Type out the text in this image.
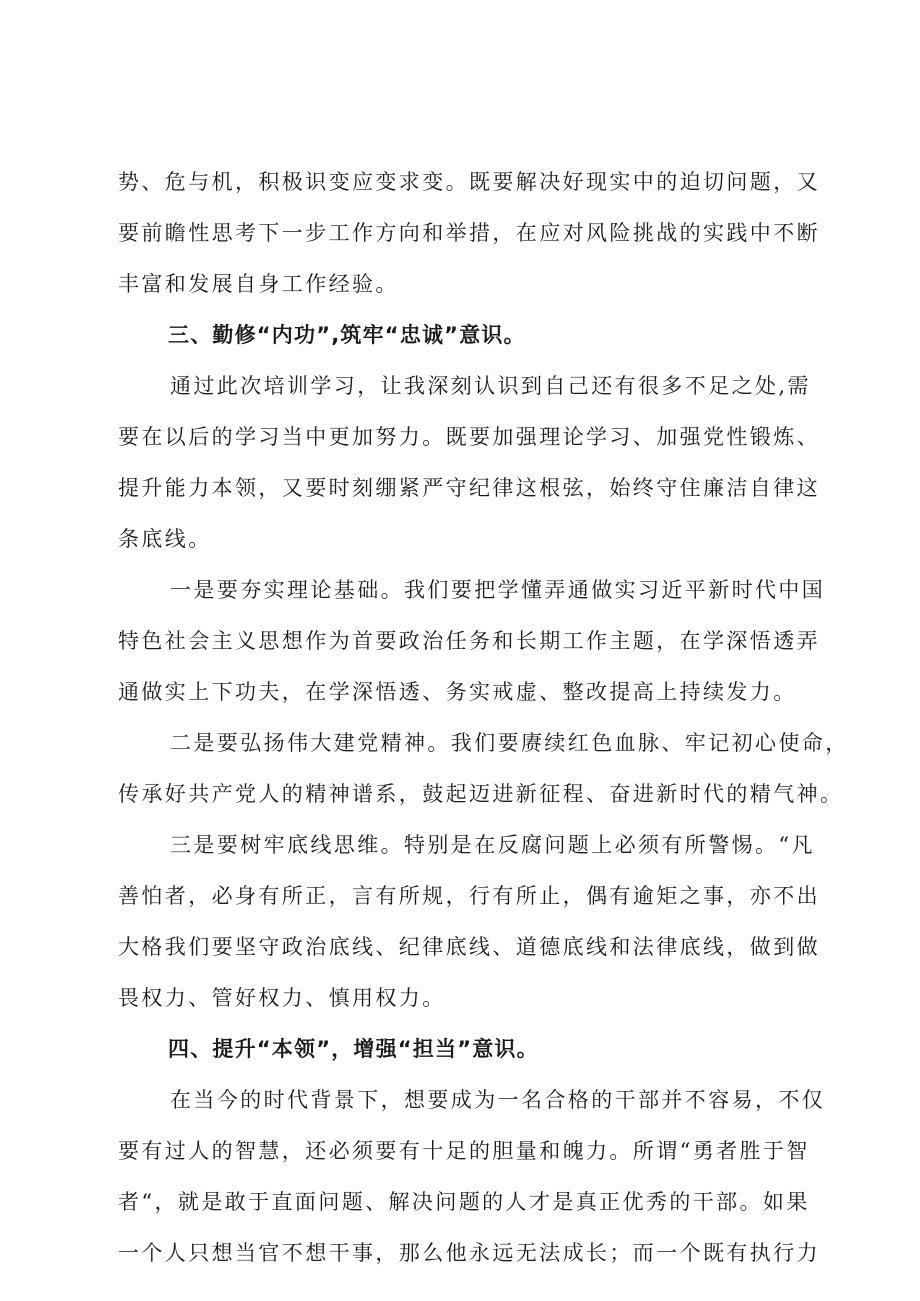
势、危与机，积极识变应变求变。既要解决好现实中的迫切问题，又
要前瞻性思考下一步工作方向和举措，在应对风险挑战的实践中不断
丰富和发展自身工作经验。
三、勤修“内功”,筑牢“忠诚”意识。
通过此次培训学习，让我深刻认识到自己还有很多不足之处,需
要在以后的学习当中更加努力。既要加强理论学习、加强党性锻炼、
提升能力本领，又要时刻绷紧严守纪律这根弦，始终守住廉洁自律这
条底线。
一是要夯实理论基础。我们要把学懂弄通做实习近平新时代中国
特色社会主义思想作为首要政治任务和长期工作主题，在学深悟透弄
通做实上下功夫，在学深悟透、务实戒虚、整改提高上持续发力。
二是要弘扬伟大建党精神。我们要赓续红色血脉、牢记初心使命，
传承好共产党人的精神谱系，鼓起迈进新征程、奋进新时代的精气神。
三是要树牢底线思维。特别是在反腐问题上必须有所警惕。“凡
善怕者，必身有所正，言有所规，行有所止，偶有逾矩之事，亦不出
大格我们要坚守政治底线、纪律底线、道德底线和法律底线，做到做
畏权力、管好权力、慎用权力。
四、提升“本领”，增强“担当”意识。
在当今的时代背景下，想要成为一名合格的干部并不容易，不仅
要有过人的智慧，还必须要有十足的胆量和魄力。所谓“勇者胜于智
者“，就是敢于直面问题、解决问题的人才是真正优秀的干部。如果
一个人只想当官不想干事，那么他永远无法成长；而一个既有执行力
